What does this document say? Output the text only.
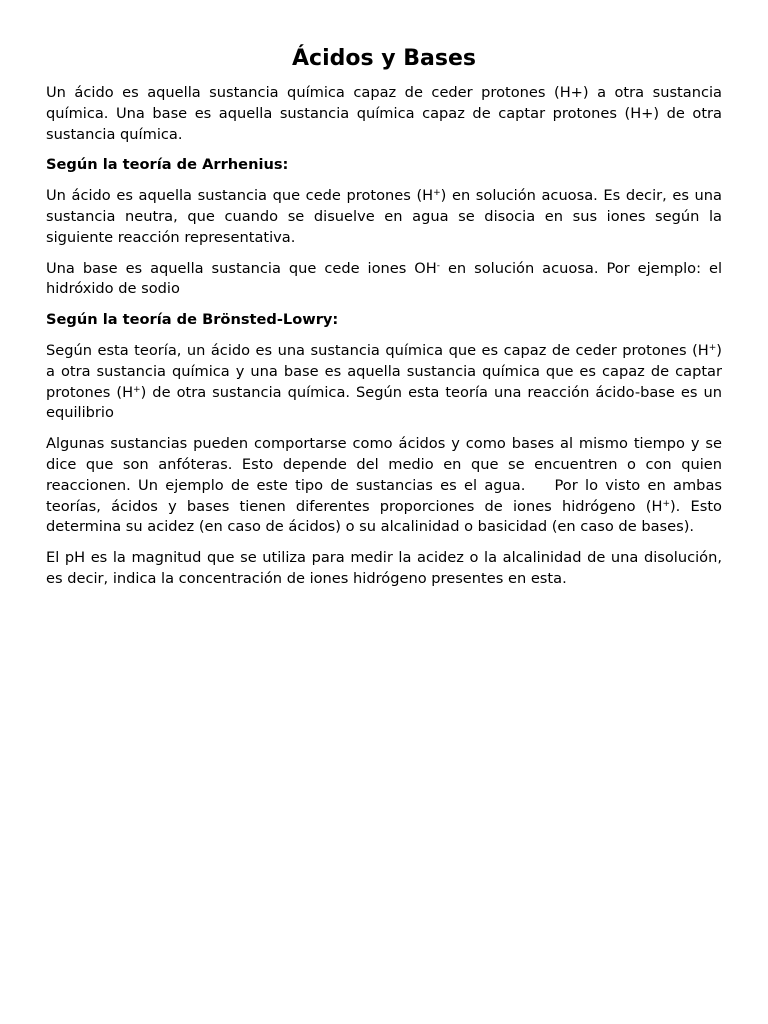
Ácidos y Bases

Un ácido es aquella sustancia química capaz de ceder protones (H+) a otra sustancia química. Una base es aquella sustancia química capaz de captar protones (H+) de otra sustancia química.

Según la teoría de Arrhenius:

Un ácido es aquella sustancia que cede protones (H+) en solución acuosa. Es decir, es una sustancia neutra, que cuando se disuelve en agua se disocia en sus iones según la siguiente reacción representativa.

Una base es aquella sustancia que cede iones OH- en solución acuosa. Por ejemplo: el hidróxido de sodio

Según la teoría de Brönsted-Lowry:

Según esta teoría, un ácido es una sustancia química que es capaz de ceder protones (H+) a otra sustancia química y una base es aquella sustancia química que es capaz de captar protones (H+) de otra sustancia química. Según esta teoría una reacción ácido-base es un equilibrio

Algunas sustancias pueden comportarse como ácidos y como bases al mismo tiempo y se dice que son anfóteras. Esto depende del medio en que se encuentren o con quien reaccionen. Un ejemplo de este tipo de sustancias es el agua.    Por lo visto en ambas teorías, ácidos y bases tienen diferentes proporciones de iones hidrógeno (H+). Esto determina su acidez (en caso de ácidos) o su alcalinidad o basicidad (en caso de bases).

El pH es la magnitud que se utiliza para medir la acidez o la alcalinidad de una disolución, es decir, indica la concentración de iones hidrógeno presentes en esta.
